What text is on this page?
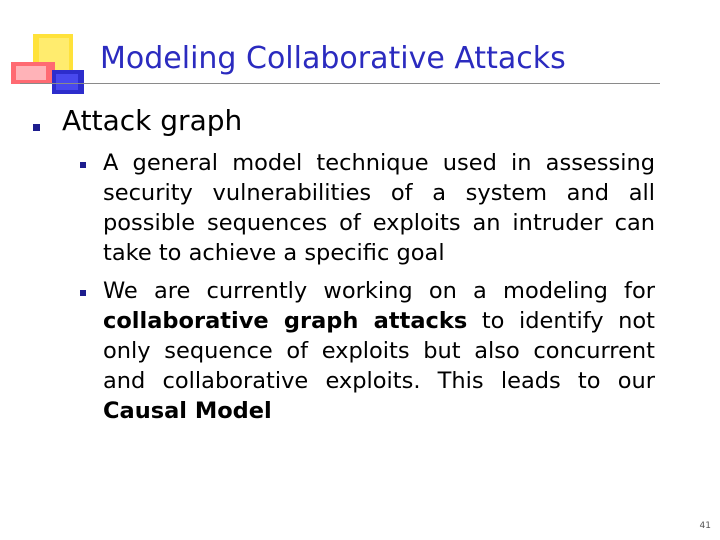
Modeling Collaborative Attacks
Attack graph
A general model technique used in assessing security vulnerabilities of a system and all possible sequences of exploits an intruder can take to achieve a specific goal
We are currently working on a modeling for collaborative graph attacks to identify not only sequence of exploits but also concurrent and collaborative exploits. This leads to our Causal Model
41
